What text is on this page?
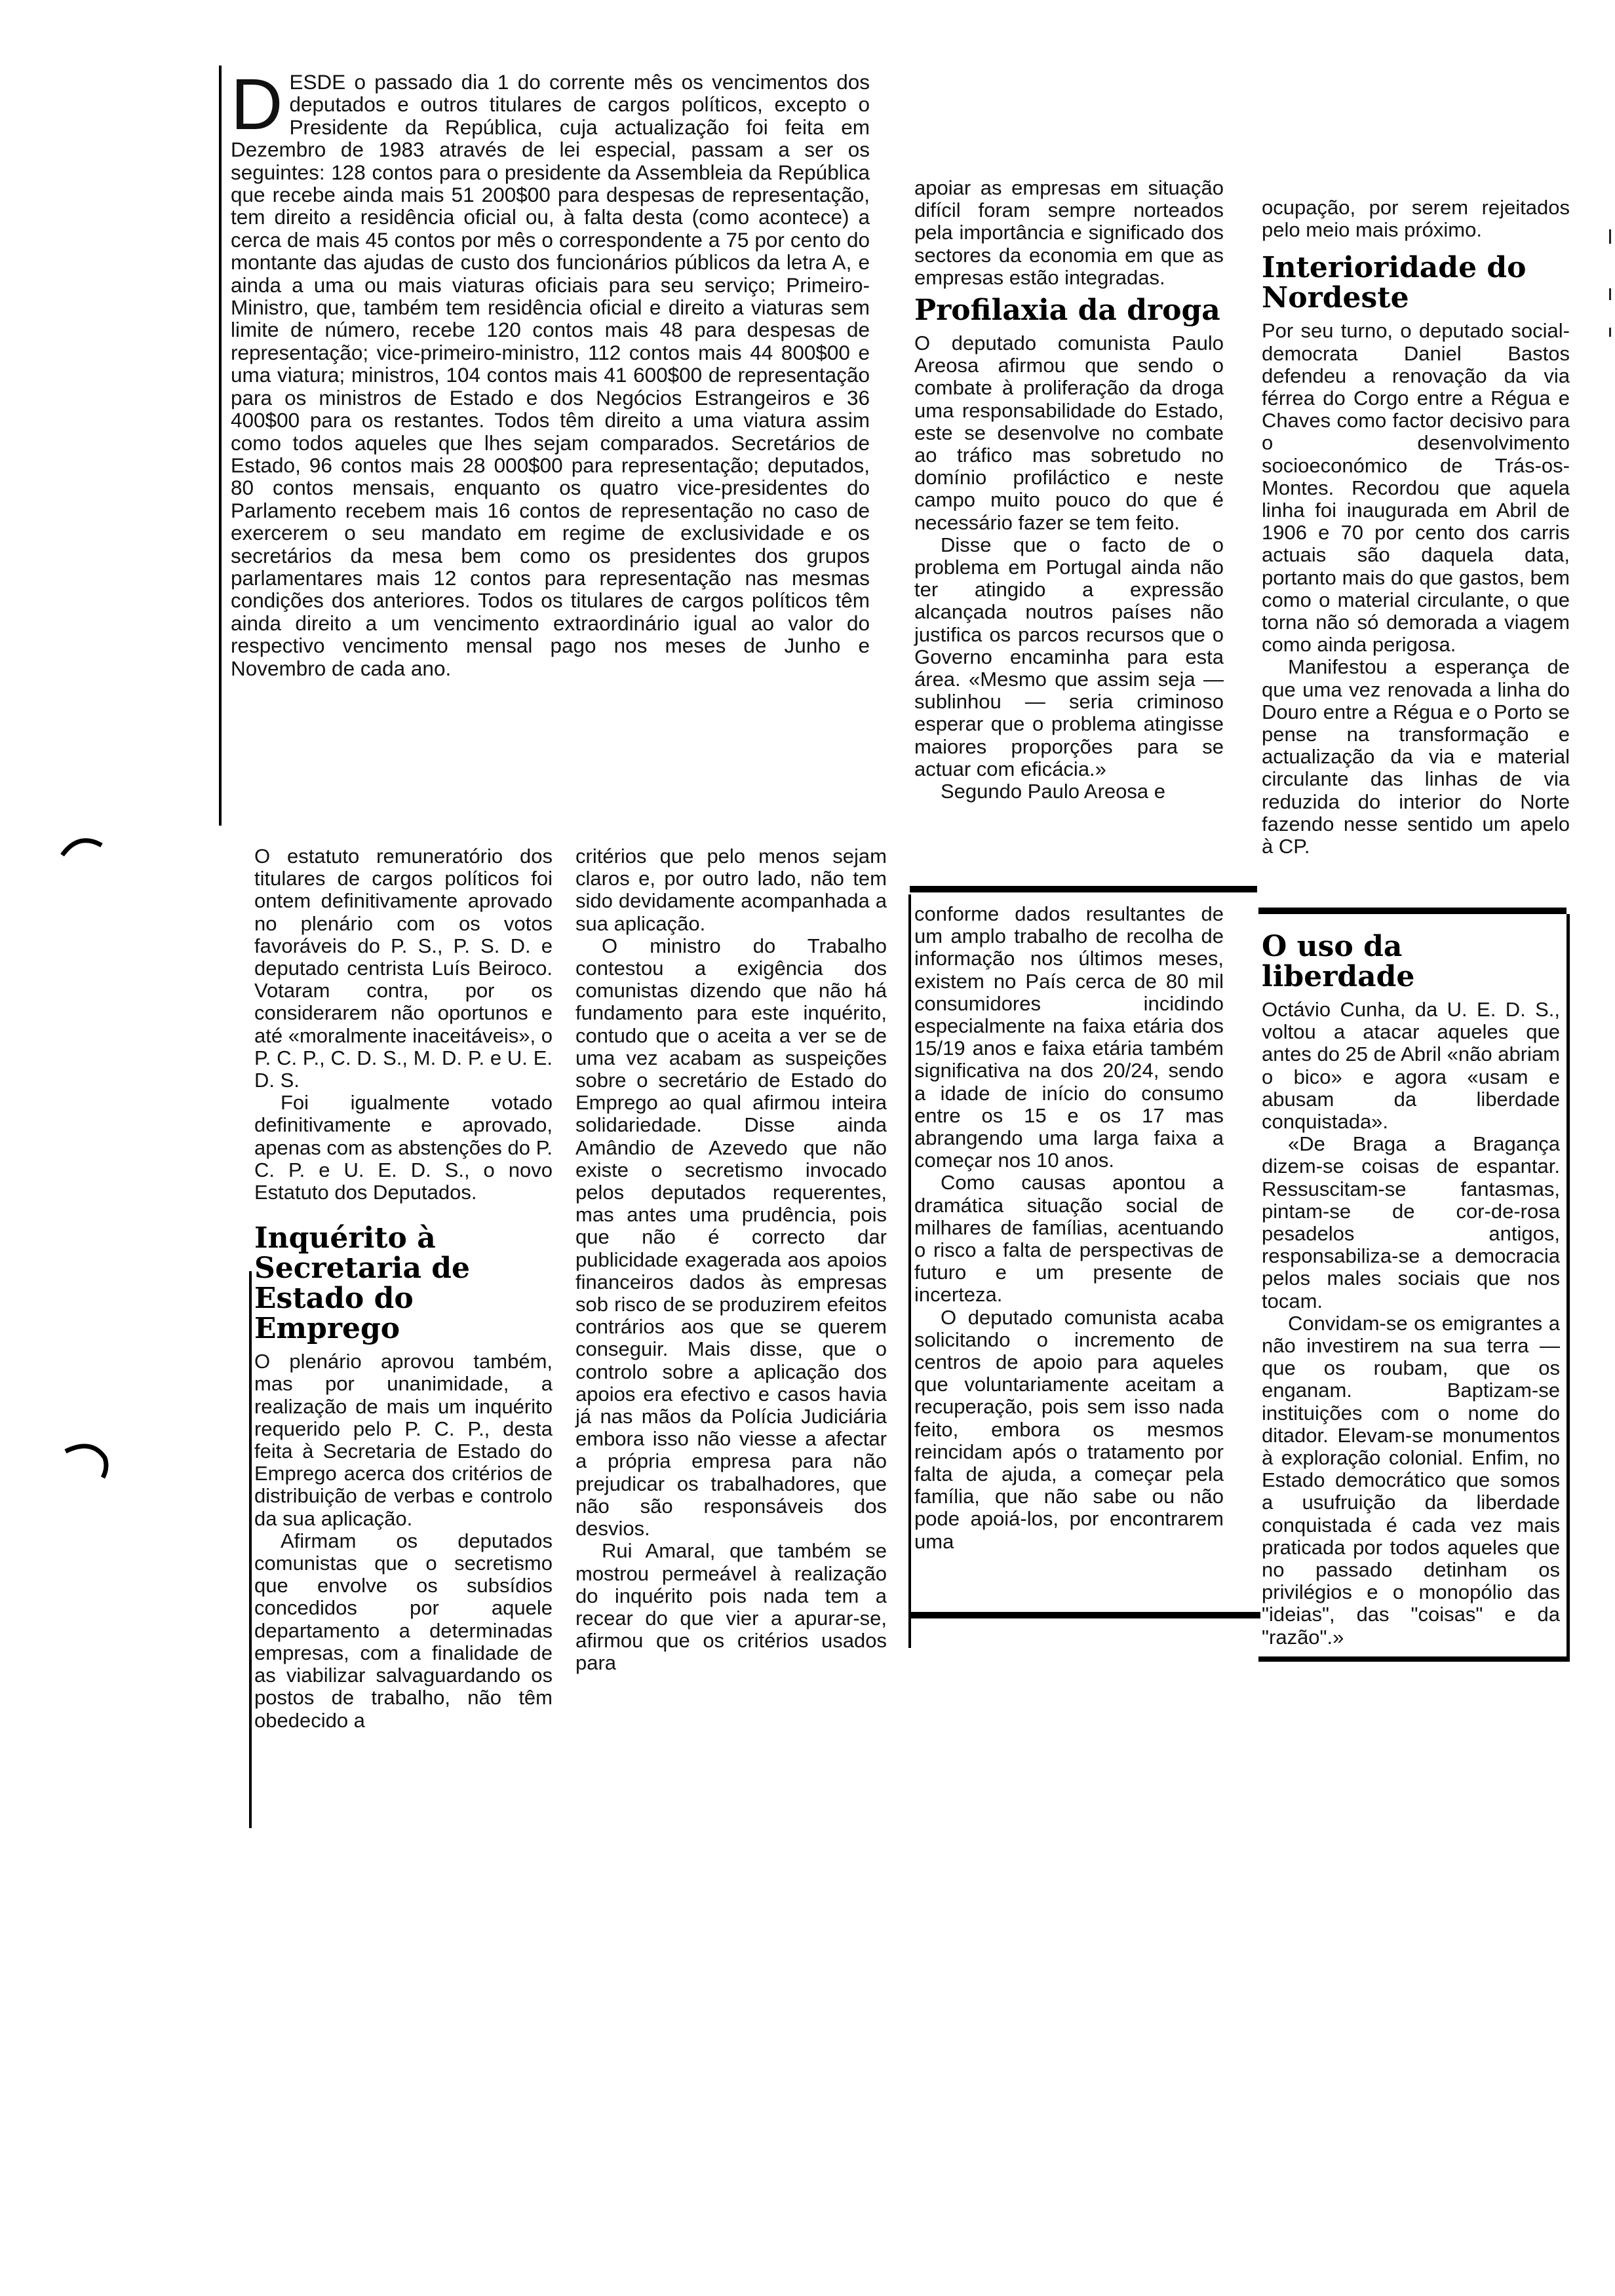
DESDE o passado dia 1 do corrente mês os vencimentos dos deputados e outros titulares de cargos políticos, excepto o Presidente da República, cuja actualização foi feita em Dezembro de 1983 através de lei especial, passam a ser os seguintes: 128 contos para o presidente da Assembleia da República que recebe ainda mais 51 200$00 para despesas de representação, tem direito a residência oficial ou, à falta desta (como acontece) a cerca de mais 45 contos por mês o correspondente a 75 por cento do montante das ajudas de custo dos funcionários públicos da letra A, e ainda a uma ou mais viaturas oficiais para seu serviço; Primeiro-Ministro, que, também tem residência oficial e direito a viaturas sem limite de número, recebe 120 contos mais 48 para despesas de representação; vice-primeiro-ministro, 112 contos mais 44 800$00 e uma viatura; ministros, 104 contos mais 41 600$00 de representação para os ministros de Estado e dos Negócios Estrangeiros e 36 400$00 para os restantes. Todos têm direito a uma viatura assim como todos aqueles que lhes sejam comparados. Secretários de Estado, 96 contos mais 28 000$00 para representação; deputados, 80 contos mensais, enquanto os quatro vice-presidentes do Parlamento recebem mais 16 contos de representação no caso de exercerem o seu mandato em regime de exclusividade e os secretários da mesa bem como os presidentes dos grupos parlamentares mais 12 contos para representação nas mesmas condições dos anteriores. Todos os titulares de cargos políticos têm ainda direito a um vencimento extraordinário igual ao valor do respectivo vencimento mensal pago nos meses de Junho e Novembro de cada ano.

O estatuto remuneratório dos titulares de cargos políticos foi ontem definitivamente aprovado no plenário com os votos favoráveis do P. S., P. S. D. e deputado centrista Luís Beiroco. Votaram contra, por os considerarem não oportunos e até «moralmente inaceitáveis», o P. C. P., C. D. S., M. D. P. e U. E. D. S.

Foi igualmente votado definitivamente e aprovado, apenas com as abstenções do P. C. P. e U. E. D. S., o novo Estatuto dos Deputados.

Inquérito à Secretaria de Estado do Emprego

O plenário aprovou também, mas por unanimidade, a realização de mais um inquérito requerido pelo P. C. P., desta feita à Secretaria de Estado do Emprego acerca dos critérios de distribuição de verbas e controlo da sua aplicação.

Afirmam os deputados comunistas que o secretismo que envolve os subsídios concedidos por aquele departamento a determinadas empresas, com a finalidade de as viabilizar salvaguardando os postos de trabalho, não têm obedecido a

critérios que pelo menos sejam claros e, por outro lado, não tem sido devidamente acompanhada a sua aplicação.

O ministro do Trabalho contestou a exigência dos comunistas dizendo que não há fundamento para este inquérito, contudo que o aceita a ver se de uma vez acabam as suspeições sobre o secretário de Estado do Emprego ao qual afirmou inteira solidariedade. Disse ainda Amândio de Azevedo que não existe o secretismo invocado pelos deputados requerentes, mas antes uma prudência, pois que não é correcto dar publicidade exagerada aos apoios financeiros dados às empresas sob risco de se produzirem efeitos contrários aos que se querem conseguir. Mais disse, que o controlo sobre a aplicação dos apoios era efectivo e casos havia já nas mãos da Polícia Judiciária embora isso não viesse a afectar a própria empresa para não prejudicar os trabalhadores, que não são responsáveis dos desvios.

Rui Amaral, que também se mostrou permeável à realização do inquérito pois nada tem a recear do que vier a apurar-se, afirmou que os critérios usados para

apoiar as empresas em situação difícil foram sempre norteados pela importância e significado dos sectores da economia em que as empresas estão integradas.

Profilaxia da droga

O deputado comunista Paulo Areosa afirmou que sendo o combate à proliferação da droga uma responsabilidade do Estado, este se desenvolve no combate ao tráfico mas sobretudo no domínio profiláctico e neste campo muito pouco do que é necessário fazer se tem feito.

Disse que o facto de o problema em Portugal ainda não ter atingido a expressão alcançada noutros países não justifica os parcos recursos que o Governo encaminha para esta área. «Mesmo que assim seja — sublinhou — seria criminoso esperar que o problema atingisse maiores proporções para se actuar com eficácia.»

Segundo Paulo Areosa e

conforme dados resultantes de um amplo trabalho de recolha de informação nos últimos meses, existem no País cerca de 80 mil consumidores incidindo especialmente na faixa etária dos 15/19 anos e faixa etária também significativa na dos 20/24, sendo a idade de início do consumo entre os 15 e os 17 mas abrangendo uma larga faixa a começar nos 10 anos.

Como causas apontou a dramática situação social de milhares de famílias, acentuando o risco a falta de perspectivas de futuro e um presente de incerteza.

O deputado comunista acaba solicitando o incremento de centros de apoio para aqueles que voluntariamente aceitam a recuperação, pois sem isso nada feito, embora os mesmos reincidam após o tratamento por falta de ajuda, a começar pela família, que não sabe ou não pode apoiá-los, por encontrarem uma

ocupação, por serem rejeitados pelo meio mais próximo.

Interioridade do Nordeste

Por seu turno, o deputado social-democrata Daniel Bastos defendeu a renovação da via férrea do Corgo entre a Régua e Chaves como factor decisivo para o desenvolvimento socioeconómico de Trás-os-Montes. Recordou que aquela linha foi inaugurada em Abril de 1906 e 70 por cento dos carris actuais são daquela data, portanto mais do que gastos, bem como o material circulante, o que torna não só demorada a viagem como ainda perigosa.

Manifestou a esperança de que uma vez renovada a linha do Douro entre a Régua e o Porto se pense na transformação e actualização da via e material circulante das linhas de via reduzida do interior do Norte fazendo nesse sentido um apelo à CP.

O uso da liberdade

Octávio Cunha, da U. E. D. S., voltou a atacar aqueles que antes do 25 de Abril «não abriam o bico» e agora «usam e abusam da liberdade conquistada».

«De Braga a Bragança dizem-se coisas de espantar. Ressuscitam-se fantasmas, pintam-se de cor-de-rosa pesadelos antigos, responsabiliza-se a democracia pelos males sociais que nos tocam.

Convidam-se os emigrantes a não investirem na sua terra — que os roubam, que os enganam. Baptizam-se instituições com o nome do ditador. Elevam-se monumentos à exploração colonial. Enfim, no Estado democrático que somos a usufruição da liberdade conquistada é cada vez mais praticada por todos aqueles que no passado detinham os privilégios e o monopólio das "ideias", das "coisas" e da "razão".»
